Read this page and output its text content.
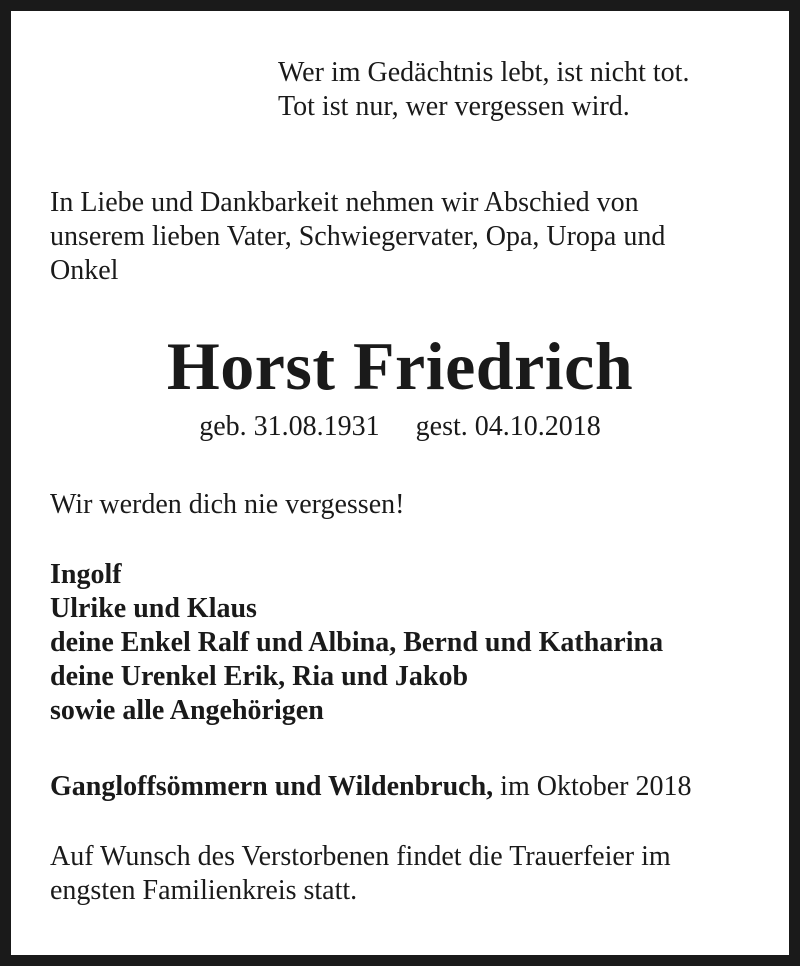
Wer im Gedächtnis lebt, ist nicht tot.
Tot ist nur, wer vergessen wird.
In Liebe und Dankbarkeit nehmen wir Abschied von
unserem lieben Vater, Schwiegervater, Opa, Uropa und
Onkel
Horst Friedrich
geb. 31.08.1931 gest. 04.10.2018
Wir werden dich nie vergessen!
Ingolf
Ulrike und Klaus
deine Enkel Ralf und Albina, Bernd und Katharina
deine Urenkel Erik, Ria und Jakob
sowie alle Angehörigen
Gangloffsömmern und Wildenbruch, im Oktober 2018
Auf Wunsch des Verstorbenen findet die Trauerfeier im
engsten Familienkreis statt.
